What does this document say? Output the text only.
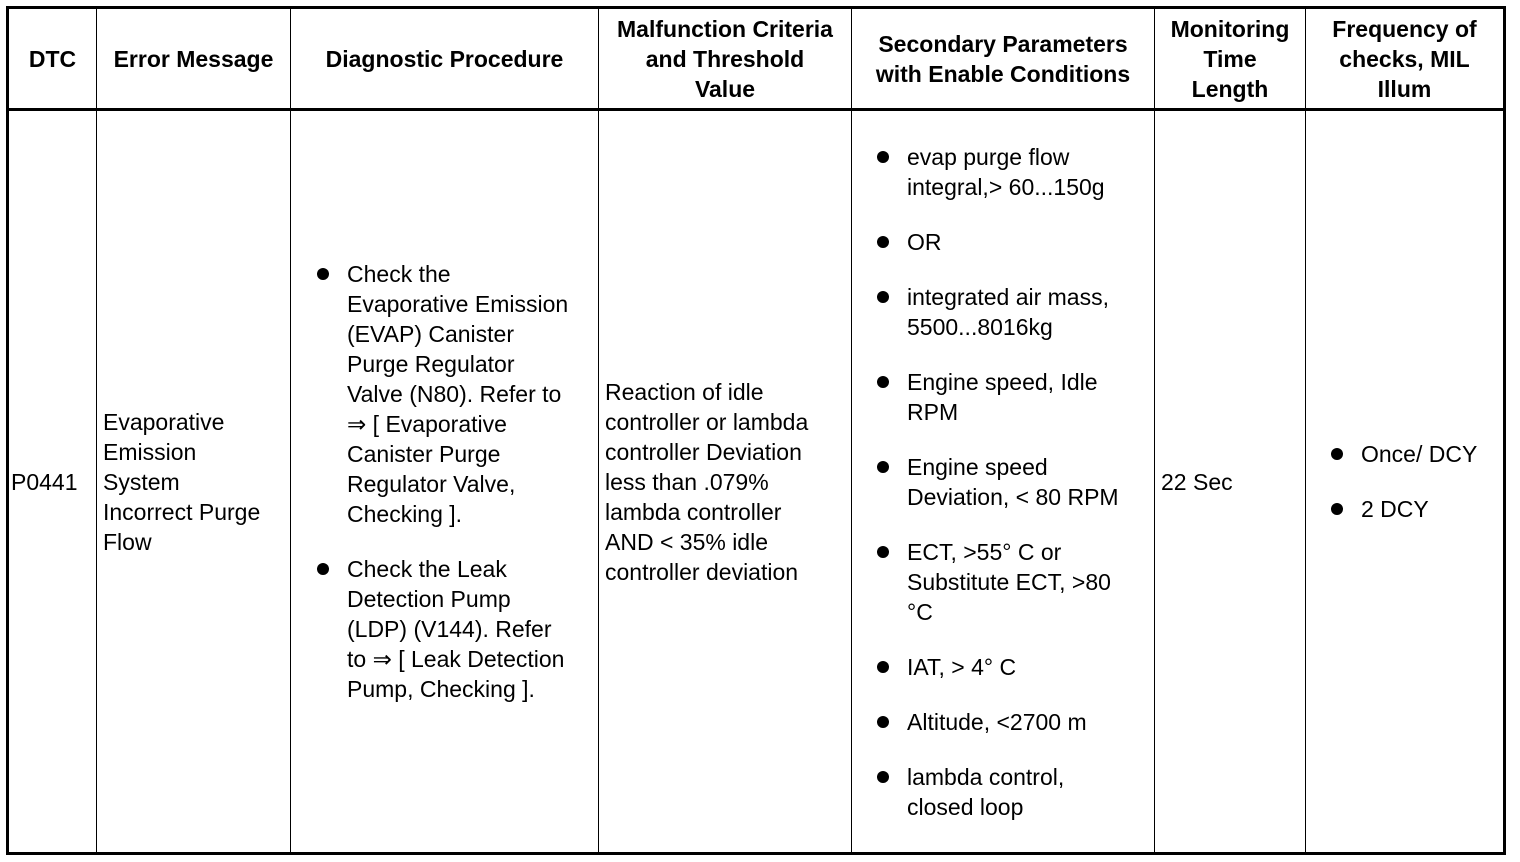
DTC
P0441
Error Message
Evaporative
Emission
System
Incorrect Purge
Flow
Diagnostic Procedure
Check the
Evaporative Emission
(EVAP) Canister
Purge Regulator
Valve (N80). Refer to
⇒ [ Evaporative
Canister Purge
Regulator Valve,
Checking ].
Check the Leak
Detection Pump
(LDP) (V144). Refer
to ⇒ [ Leak Detection
Pump, Checking ].
Malfunction Criteria
and Threshold
Value
Reaction of idle
controller or lambda
controller Deviation
less than .079%
lambda controller
AND < 35% idle
controller deviation
Secondary Parameters
with Enable Conditions
evap purge flow
integral,> 60...150g
OR
integrated air mass,
5500...8016kg
Engine speed, Idle
RPM
Engine speed
Deviation, < 80 RPM
ECT, >55° C or
Substitute ECT, >80
°C
IAT, > 4° C
Altitude, <2700 m
lambda control,
closed loop
Monitoring
Time
Length
22 Sec
Frequency of
checks, MIL
Illum
Once/ DCY
2 DCY
